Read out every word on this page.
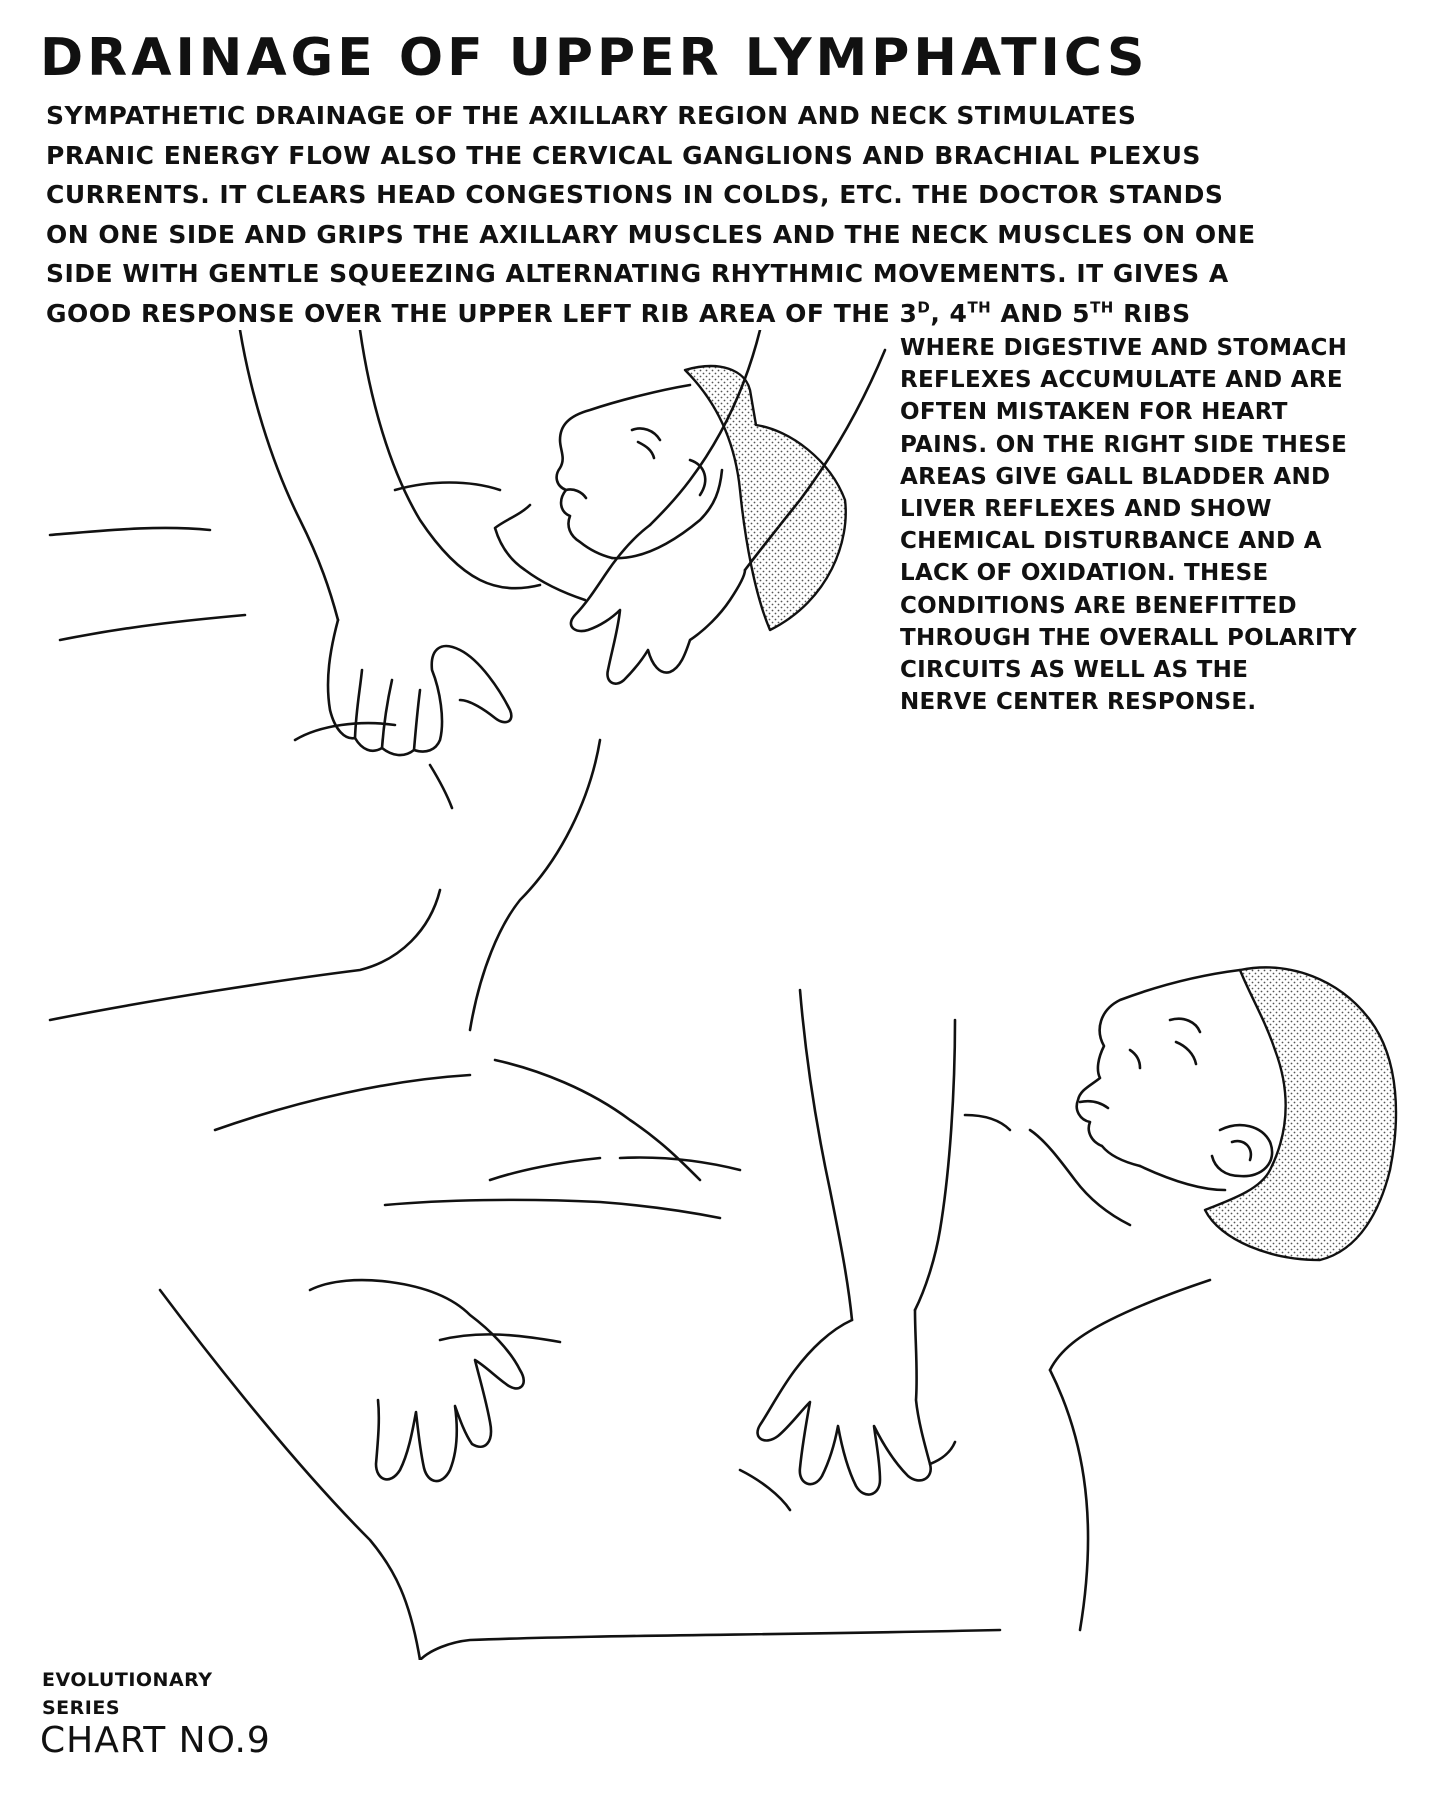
DRAINAGE OF UPPER LYMPHATICS
SYMPATHETIC DRAINAGE OF THE AXILLARY REGION AND NECK STIMULATES
PRANIC ENERGY FLOW ALSO THE CERVICAL GANGLIONS AND BRACHIAL PLEXUS
CURRENTS. IT CLEARS HEAD CONGESTIONS IN COLDS, ETC. THE DOCTOR STANDS
ON ONE SIDE AND GRIPS THE AXILLARY MUSCLES AND THE NECK MUSCLES ON ONE
SIDE WITH GENTLE SQUEEZING ALTERNATING RHYTHMIC MOVEMENTS. IT GIVES A
GOOD RESPONSE OVER THE UPPER LEFT RIB AREA OF THE $3^D$, 4TH AND 5TH RIBS
WHERE DIGESTIVE AND STOMACH
REFLEXES ACCUMULATE AND ARE
OFTEN MISTAKEN FOR HEART
PAINS. ON THE RIGHT SIDE THESE
AREAS GIVE GALL BLADDER AND
LIVER REFLEXES AND SHOW
CHEMICAL DISTURBANCE AND A
LACK OF OXIDATION. THESE
CONDITIONS ARE BENEFITTED
THROUGH THE OVERALL POLARITY
CIRCUITS AS WELL AS THE
NERVE CENTER RESPONSE.
EVOLUTIONARY
SERIES
CHART NO.9
